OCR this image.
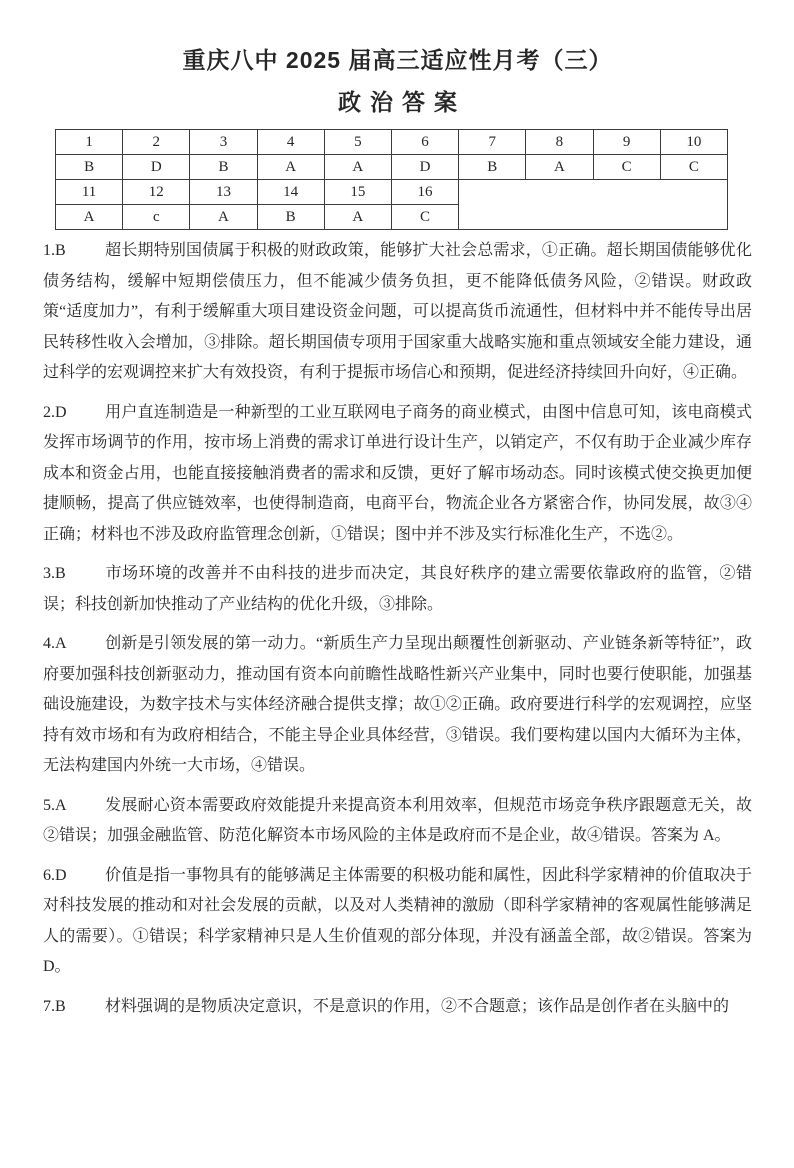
重庆八中 2025 届高三适应性月考（三）
政治答案
1	2	3	4	5	6	7	8	9	10
B	D	B	A	A	D	B	A	C	C
11	12	13	14	15	16				
A	c	A	B	A	C				

1.B 超长期特别国债属于积极的财政政策，能够扩大社会总需求，①正确。超长期国债能够优化债务结构，缓解中短期偿债压力，但不能减少债务负担，更不能降低债务风险，②错误。财政政策“适度加力”，有利于缓解重大项目建设资金问题，可以提高货币流通性，但材料中并不能传导出居民转移性收入会增加，③排除。超长期国债专项用于国家重大战略实施和重点领域安全能力建设，通过科学的宏观调控来扩大有效投资，有利于提振市场信心和预期，促进经济持续回升向好，④正确。

2.D 用户直连制造是一种新型的工业互联网电子商务的商业模式，由图中信息可知，该电商模式发挥市场调节的作用，按市场上消费的需求订单进行设计生产，以销定产，不仅有助于企业减少库存成本和资金占用，也能直接接触消费者的需求和反馈，更好了解市场动态。同时该模式使交换更加便捷顺畅，提高了供应链效率，也使得制造商，电商平台，物流企业各方紧密合作，协同发展，故③④正确；材料也不涉及政府监管理念创新，①错误；图中并不涉及实行标准化生产，不选②。

3.B 市场环境的改善并不由科技的进步而决定，其良好秩序的建立需要依靠政府的监管，②错误；科技创新加快推动了产业结构的优化升级，③排除。

4.A 创新是引领发展的第一动力。“新质生产力呈现出颠覆性创新驱动、产业链条新等特征”，政府要加强科技创新驱动力，推动国有资本向前瞻性战略性新兴产业集中，同时也要行使职能，加强基础设施建设，为数字技术与实体经济融合提供支撑；故①②正确。政府要进行科学的宏观调控，应坚持有效市场和有为政府相结合，不能主导企业具体经营，③错误。我们要构建以国内大循环为主体，无法构建国内外统一大市场，④错误。

5.A 发展耐心资本需要政府效能提升来提高资本利用效率，但规范市场竞争秩序跟题意无关，故②错误；加强金融监管、防范化解资本市场风险的主体是政府而不是企业，故④错误。答案为 A。

6.D 价值是指一事物具有的能够满足主体需要的积极功能和属性，因此科学家精神的价值取决于对科技发展的推动和对社会发展的贡献，以及对人类精神的激励（即科学家精神的客观属性能够满足人的需要）。①错误；科学家精神只是人生价值观的部分体现，并没有涵盖全部，故②错误。答案为 D。

7.B 材料强调的是物质决定意识，不是意识的作用，②不合题意；该作品是创作者在头脑中的
